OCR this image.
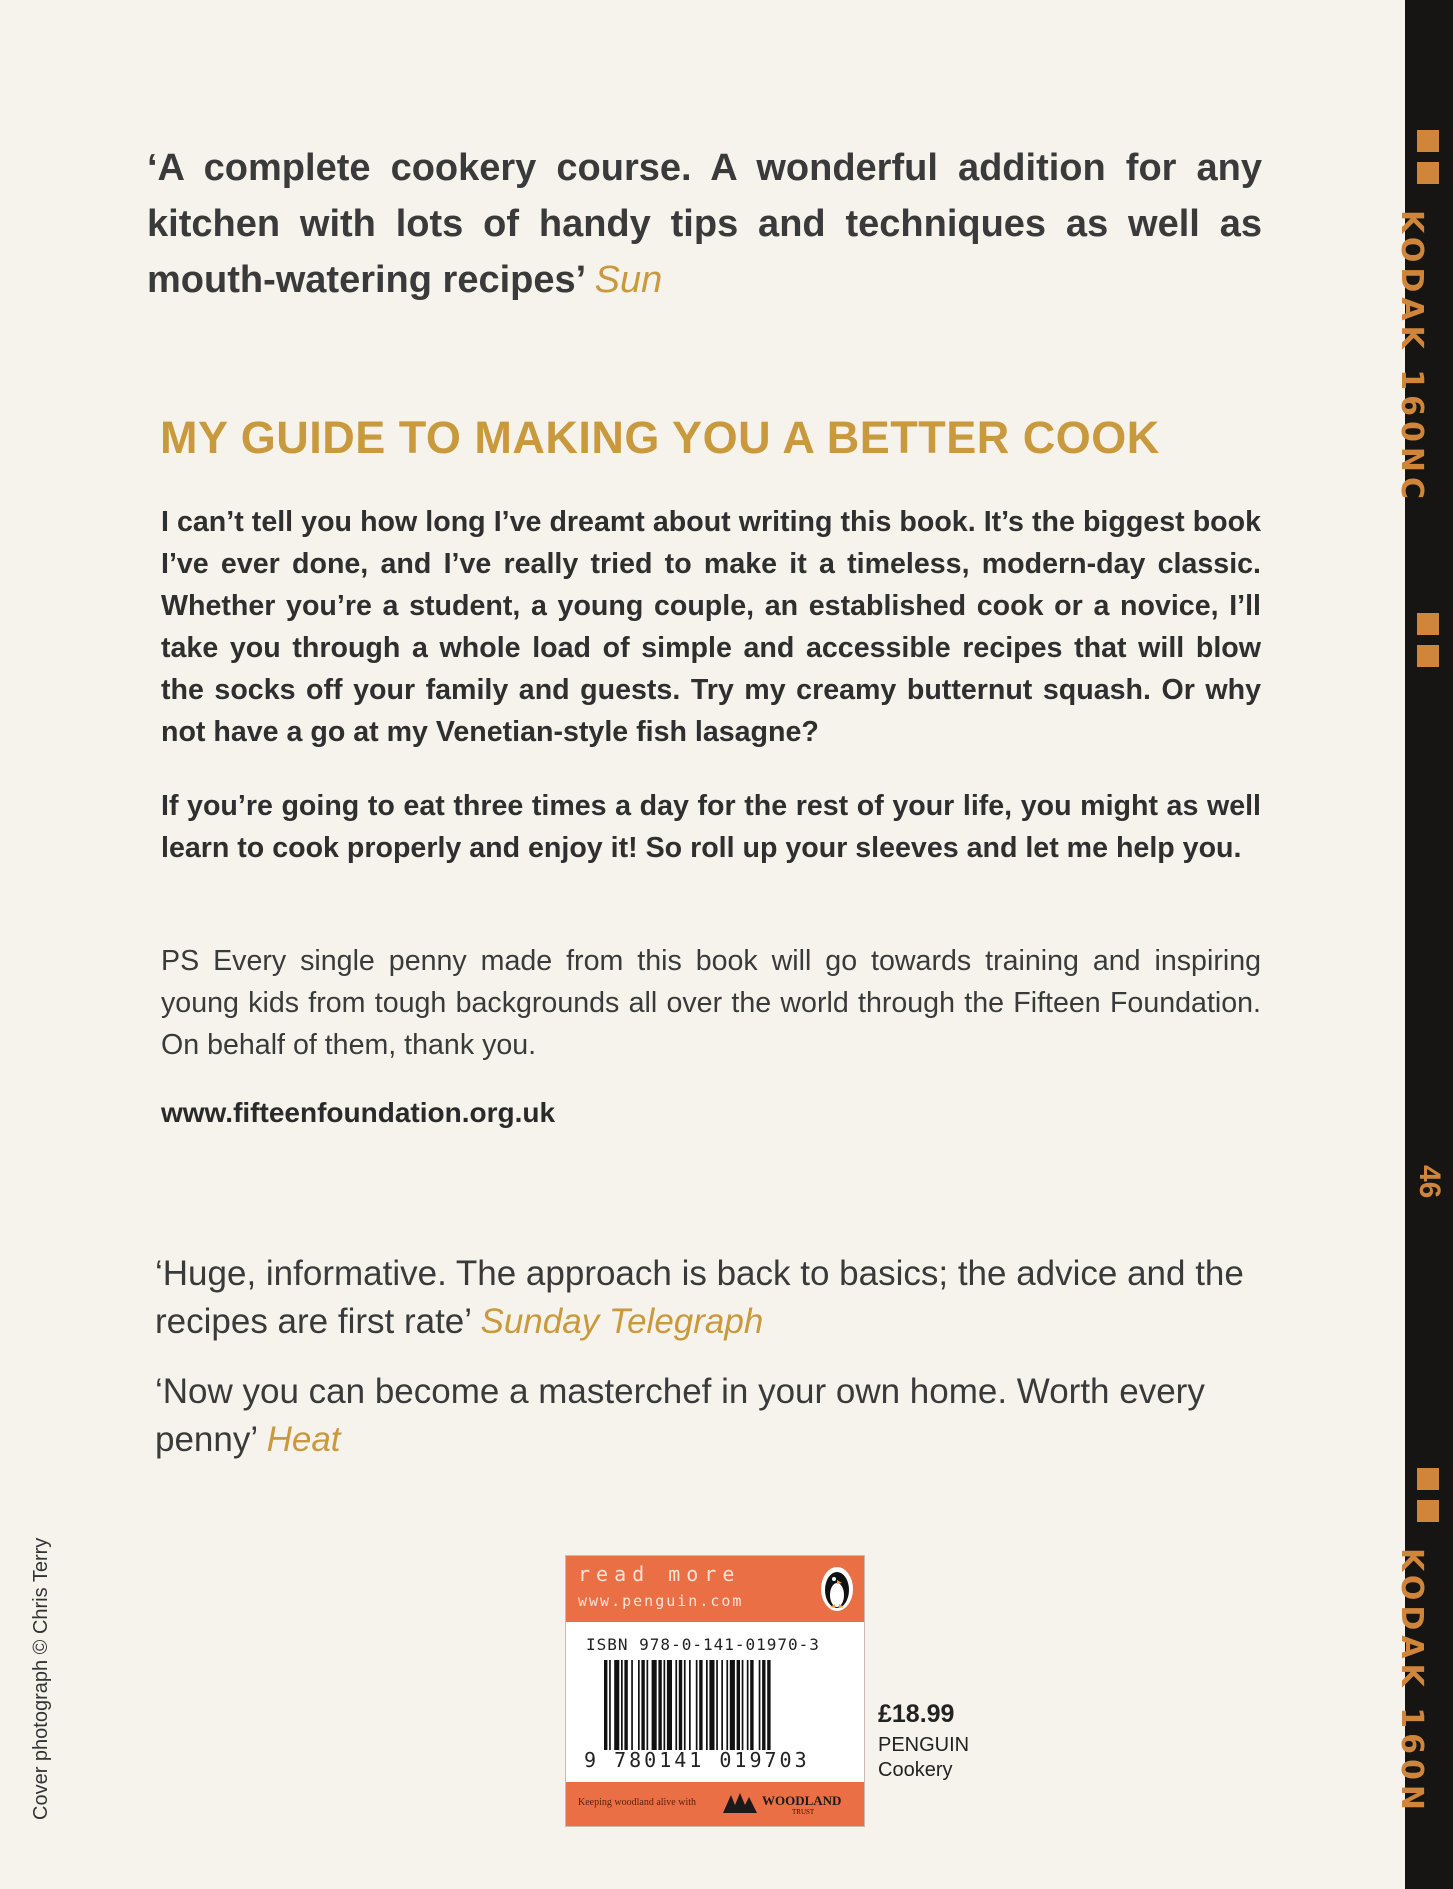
‘A complete cookery course. A wonderful addition for any kitchen with lots of handy tips and techniques as well as mouth-watering recipes’ Sun
MY GUIDE TO MAKING YOU A BETTER COOK
I can’t tell you how long I’ve dreamt about writing this book. It’s the biggest book I’ve ever done, and I’ve really tried to make it a timeless, modern-day classic. Whether you’re a student, a young couple, an established cook or a novice, I’ll take you through a whole load of simple and accessible recipes that will blow the socks off your family and guests. Try my creamy butternut squash. Or why not have a go at my Venetian-style fish lasagne?
If you’re going to eat three times a day for the rest of your life, you might as well learn to cook properly and enjoy it! So roll up your sleeves and let me help you.
PS Every single penny made from this book will go towards training and inspiring young kids from tough backgrounds all over the world through the Fifteen Foundation. On behalf of them, thank you.
www.fifteenfoundation.org.uk
‘Huge, informative. The approach is back to basics; the advice and the recipes are first rate’ Sunday Telegraph
‘Now you can become a masterchef in your own home. Worth every penny’ Heat
Cover photograph © Chris Terry	read more
www.penguin.com
ISBN 978-0-141-01970-3
9 780141 019703
Keeping woodland alive with	WOODLAND
TRUST
£18.99
PENGUIN
Cookery
KODAK 160NC
KODAK 160N
46
